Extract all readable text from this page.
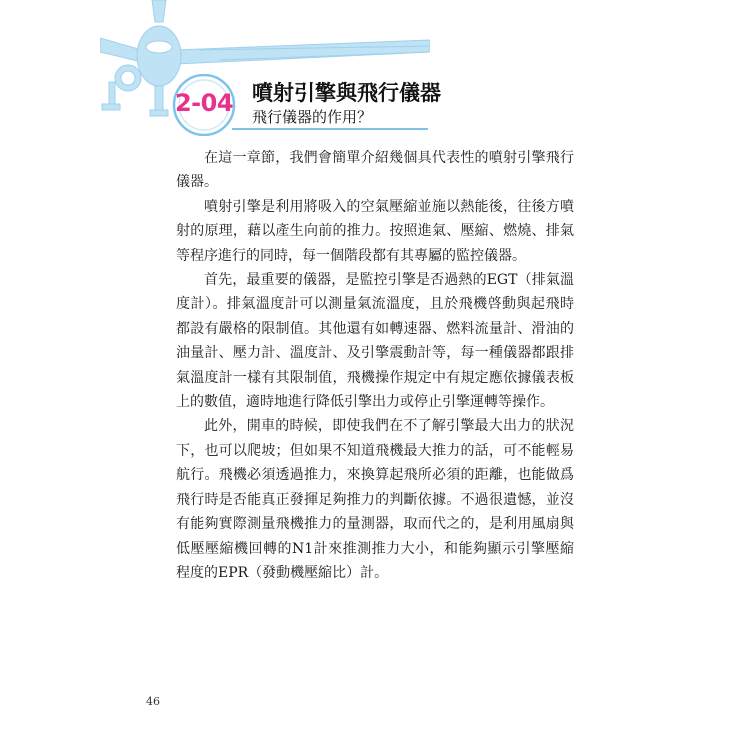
2-04 噴射引擎與飛行儀器
飛行儀器的作用？

在這一章節，我們會簡單介紹幾個具代表性的噴射引擎飛行儀器。

噴射引擎是利用將吸入的空氣壓縮並施以熱能後，往後方噴射的原理，藉以產生向前的推力。按照進氣、壓縮、燃燒、排氣等程序進行的同時，每一個階段都有其專屬的監控儀器。

首先，最重要的儀器，是監控引擎是否過熱的EGT（排氣溫度計）。排氣溫度計可以測量氣流溫度，且於飛機啓動與起飛時都設有嚴格的限制值。其他還有如轉速器、燃料流量計、滑油的油量計、壓力計、溫度計、及引擎震動計等，每一種儀器都跟排氣溫度計一樣有其限制值，飛機操作規定中有規定應依據儀表板上的數值，適時地進行降低引擎出力或停止引擎運轉等操作。

此外，開車的時候，即使我們在不了解引擎最大出力的狀況下，也可以爬坡；但如果不知道飛機最大推力的話，可不能輕易航行。飛機必須透過推力，來換算起飛所必須的距離，也能做爲飛行時是否能真正發揮足夠推力的判斷依據。不過很遺憾，並沒有能夠實際測量飛機推力的量測器，取而代之的，是利用風扇與低壓壓縮機回轉的N1計來推測推力大小，和能夠顯示引擎壓縮程度的EPR（發動機壓縮比）計。

46
